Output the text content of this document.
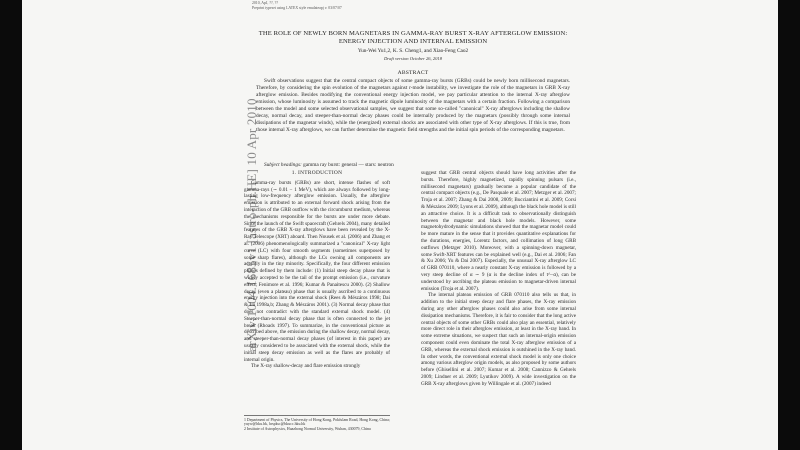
2010, ApJ, ??, ??
Preprint typeset using LATEX style emulateapj v. 03/07/07
arXiv:1004.1685v1 [astro-ph.HE] 10 Apr 2010
THE ROLE OF NEWLY BORN MAGNETARS IN GAMMA-RAY BURST X-RAY AFTERGLOW EMISSION: ENERGY INJECTION AND INTERNAL EMISSION
Yun-Wei Yu1,2, K. S. Cheng1, and Xiao-Feng Cao2
Draft version October 26, 2018
ABSTRACT

Swift observations suggest that the central compact objects of some gamma-ray bursts (GRBs) could be newly born millisecond magnetars. Therefore, by considering the spin evolution of the magnetars against r-mode instability, we investigate the role of the magnetars in GRB X-ray afterglow emission. Besides modifying the conventional energy injection model, we pay particular attention to the internal X-ray afterglow emission, whose luminosity is assumed to track the magnetic dipole luminosity of the magnetars with a certain fraction. Following a comparison between the model and some selected observational samples, we suggest that some so-called "canonical" X-ray afterglows including the shallow decay, normal decay, and steeper-than-normal decay phases could be internally produced by the magnetars (possibly through some internal dissipations of the magnetar winds), while the (energized) external shocks are associated with other type of X-ray afterglows. If this is true, from those internal X-ray afterglows, we can further determine the magnetic field strengths and the initial spin periods of the corresponding magnetars.

Subject headings: gamma ray burst: general — stars: neutron

1. INTRODUCTION

Gamma-ray bursts (GRBs) are short, intense flashes of soft gamma-rays (∼ 0.01 − 1 MeV), which are always followed by long-lasting low-frequency afterglow emission. Usually, the afterglow emission is attributed to an external forward shock arising from the interaction of the GRB outflow with the circumburst medium, whereas the mechanisms responsible for the bursts are under more debate. Since the launch of the Swift spacecraft (Gehrels 2004), many detailed features of the GRB X-ray afterglows have been revealed by the X-Ray Telescope (XRT) aboard. Then Nousek et al. (2006) and Zhang et al. (2006) phenomenologically summarized a "canonical" X-ray light curve (LC) with four smooth segments (sometimes superposed by some sharp flares), although the LCs owning all components are actually in the tiny minority. Specifically, the four different emission phases defined by them include: (1) Initial steep decay phase that is widely accepted to be the tail of the prompt emission (i.e., curvature effect; Fenimore et al. 1996; Kumar & Panaitescu 2000). (2) Shallow decay (even a plateau) phase that is usually ascribed to a continuous energy injection into the external shock (Rees & Mészáros 1998; Dai & Lu 1998a,b; Zhang & Mészáros 2001). (3) Normal decay phase that does not contradict with the standard external shock model. (4) Steeper-than-normal decay phase that is often connected to the jet break (Rhoads 1997). To summarize, in the conventional picture as described above, the emission during the shallow decay, normal decay, and steeper-than-normal decay phases (of interest in this paper) are usually considered to be associated with the external shock, while the initial steep decay emission as well as the flares are probably of internal origin.

The X-ray shallow-decay and flare emission strongly

suggest that GRB central objects should have long activities after the bursts. Therefore, highly magnetized, rapidly spinning pulsars (i.e., millisecond magnetars) gradually become a popular candidate of the central compact objects (e.g., De Pasquale et al. 2007; Metzger et al. 2007; Troja et al. 2007; Zhang & Dai 2008, 2009; Bucciantini et al. 2009; Corsi & Mészáros 2009; Lyons et al. 2009), although the black hole model is still an attractive choice. It is a difficult task to observationally distinguish between the magnetar and black hole models. However, some magnetohydrodynamic simulations showed that the magnetar model could be more mature in the sense that it provides quantitative explanations for the durations, energies, Lorentz factors, and collimation of long GRB outflows (Metzger 2010). Moreover, with a spinning-down magnetar, some Swift-XRT features can be explained well (e.g., Dai et al. 2006; Fan & Xu 2006; Yu & Dai 2007). Especially, the unusual X-ray afterglow LC of GRB 070110, where a nearly constant X-ray emission is followed by a very steep decline of α ∼ 9 (α is the decline index of t^−α), can be understood by ascribing the plateau emission to magnetar-driven internal emission (Troja et al. 2007).

The internal plateau emission of GRB 070110 also tells us that, in addition to the initial steep decay and flare phases, the X-ray emission during any other afterglow phases could also arise from some internal dissipation mechanisms. Therefore, it is fair to consider that the long active central objects of some other GRBs could also play an essential, relatively more direct role in their afterglow emission, at least in the X-ray band. In some extreme situations, we suspect that such an internal-origin emission component could even dominate the total X-ray afterglow emission of a GRB, whereas the external shock emission is outshined in the X-ray band. In other words, the conventional external shock model is only one choice among various afterglow origin models, as also proposed by some authors before (Ghisellini et al. 2007; Kumar et al. 2008; Cannizzo & Gehrels 2009; Lindner et al. 2009; Lyutikov 2009). A wide investigation on the GRB X-ray afterglows given by Willingale et al. (2007) indeed

1 Department of Physics, The University of Hong Kong, Pokfulam Road, Hong Kong, China; yuyw@hku.hk, hrspksc@hkucc.hku.hk

2 Institute of Astrophysics, Huazhong Normal University, Wuhan, 430079, China
